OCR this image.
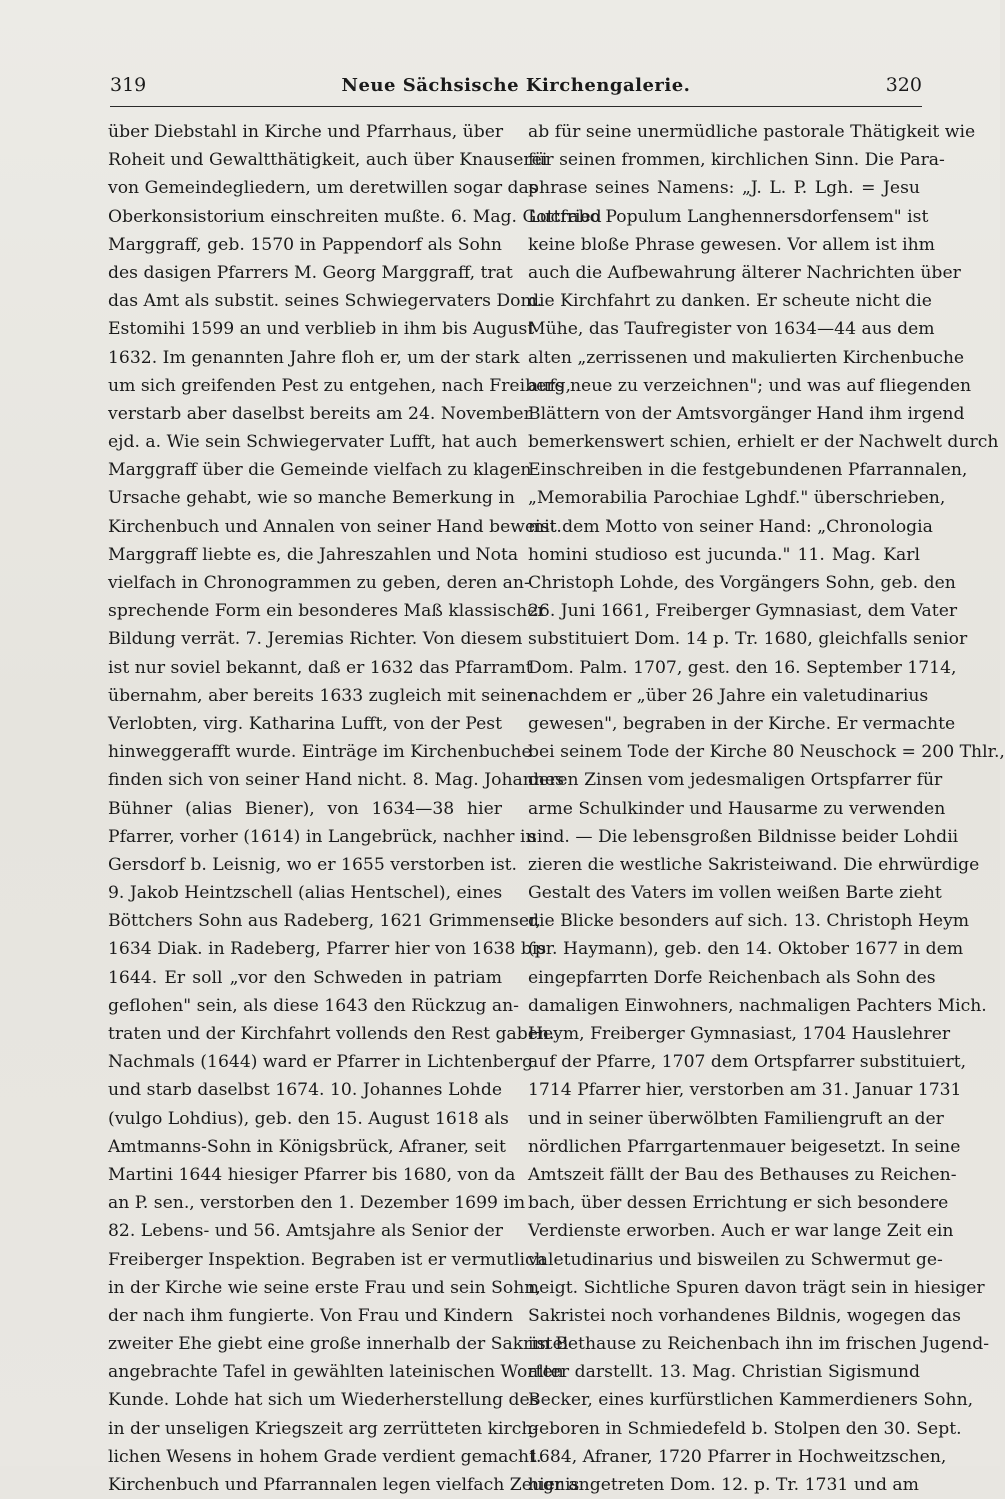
319	Neue Sächsische Kirchengalerie.	320
über Diebstahl in Kirche und Pfarrhaus, über
Roheit und Gewaltthätigkeit, auch über Knauserei
von Gemeindegliedern, um deretwillen sogar das
Oberkonsistorium einschreiten mußte. 6. Mag. Gottfried
Marggraff, geb. 1570 in Pappendorf als Sohn
des dasigen Pfarrers M. Georg Marggraff, trat
das Amt als substit. seines Schwiegervaters Dom.
Estomihi 1599 an und verblieb in ihm bis August
1632. Im genannten Jahre floh er, um der stark
um sich greifenden Pest zu entgehen, nach Freiberg,
verstarb aber daselbst bereits am 24. November
ejd. a. Wie sein Schwiegervater Lufft, hat auch
Marggraff über die Gemeinde vielfach zu klagen
Ursache gehabt, wie so manche Bemerkung in
Kirchenbuch und Annalen von seiner Hand beweist.
Marggraff liebte es, die Jahreszahlen und Nota
vielfach in Chronogrammen zu geben, deren an-
sprechende Form ein besonderes Maß klassischer
Bildung verrät. 7. Jeremias Richter. Von diesem
ist nur soviel bekannt, daß er 1632 das Pfarramt
übernahm, aber bereits 1633 zugleich mit seiner
Verlobten, virg. Katharina Lufft, von der Pest
hinweggerafft wurde. Einträge im Kirchenbuche
finden sich von seiner Hand nicht. 8. Mag. Johannes
Bühner (alias Biener), von 1634—38 hier
Pfarrer, vorher (1614) in Langebrück, nachher in
Gersdorf b. Leisnig, wo er 1655 verstorben ist.
9. Jakob Heintzschell (alias Hentschel), eines
Böttchers Sohn aus Radeberg, 1621 Grimmenser,
1634 Diak. in Radeberg, Pfarrer hier von 1638 bis
1644. Er soll „vor den Schweden in patriam
geflohen" sein, als diese 1643 den Rückzug an-
traten und der Kirchfahrt vollends den Rest gaben.
Nachmals (1644) ward er Pfarrer in Lichtenberg
und starb daselbst 1674. 10. Johannes Lohde
(vulgo Lohdius), geb. den 15. August 1618 als
Amtmanns-Sohn in Königsbrück, Afraner, seit
Martini 1644 hiesiger Pfarrer bis 1680, von da
an P. sen., verstorben den 1. Dezember 1699 im
82. Lebens- und 56. Amtsjahre als Senior der
Freiberger Inspektion. Begraben ist er vermutlich
in der Kirche wie seine erste Frau und sein Sohn,
der nach ihm fungierte. Von Frau und Kindern
zweiter Ehe giebt eine große innerhalb der Sakristei
angebrachte Tafel in gewählten lateinischen Worten
Kunde. Lohde hat sich um Wiederherstellung des
in der unseligen Kriegszeit arg zerrütteten kirch-
lichen Wesens in hohem Grade verdient gemacht.
Kirchenbuch und Pfarrannalen legen vielfach Zeugnis
ab für seine unermüdliche pastorale Thätigkeit wie
für seinen frommen, kirchlichen Sinn. Die Para-
phrase seines Namens: „J. L. P. Lgh. = Jesu
Lucrabo Populum Langhennersdorfensem" ist
keine bloße Phrase gewesen. Vor allem ist ihm
auch die Aufbewahrung älterer Nachrichten über
die Kirchfahrt zu danken. Er scheute nicht die
Mühe, das Taufregister von 1634—44 aus dem
alten „zerrissenen und makulierten Kirchenbuche
aufs neue zu verzeichnen"; und was auf fliegenden
Blättern von der Amtsvorgänger Hand ihm irgend
bemerkenswert schien, erhielt er der Nachwelt durch
Einschreiben in die festgebundenen Pfarrannalen,
„Memorabilia Parochiae Lghdf." überschrieben,
mit dem Motto von seiner Hand: „Chronologia
homini studioso est jucunda." 11. Mag. Karl
Christoph Lohde, des Vorgängers Sohn, geb. den
26. Juni 1661, Freiberger Gymnasiast, dem Vater
substituiert Dom. 14 p. Tr. 1680, gleichfalls senior
Dom. Palm. 1707, gest. den 16. September 1714,
nachdem er „über 26 Jahre ein valetudinarius
gewesen", begraben in der Kirche. Er vermachte
bei seinem Tode der Kirche 80 Neuschock = 200 Thlr.,
deren Zinsen vom jedesmaligen Ortspfarrer für
arme Schulkinder und Hausarme zu verwenden
sind. — Die lebensgroßen Bildnisse beider Lohdii
zieren die westliche Sakristeiwand. Die ehrwürdige
Gestalt des Vaters im vollen weißen Barte zieht
die Blicke besonders auf sich. 13. Christoph Heym
(pr. Haymann), geb. den 14. Oktober 1677 in dem
eingepfarrten Dorfe Reichenbach als Sohn des
damaligen Einwohners, nachmaligen Pachters Mich.
Heym, Freiberger Gymnasiast, 1704 Hauslehrer
auf der Pfarre, 1707 dem Ortspfarrer substituiert,
1714 Pfarrer hier, verstorben am 31. Januar 1731
und in seiner überwölbten Familiengruft an der
nördlichen Pfarrgartenmauer beigesetzt. In seine
Amtszeit fällt der Bau des Bethauses zu Reichen-
bach, über dessen Errichtung er sich besondere
Verdienste erworben. Auch er war lange Zeit ein
valetudinarius und bisweilen zu Schwermut ge-
neigt. Sichtliche Spuren davon trägt sein in hiesiger
Sakristei noch vorhandenes Bildnis, wogegen das
im Bethause zu Reichenbach ihn im frischen Jugend-
alter darstellt. 13. Mag. Christian Sigismund
Becker, eines kurfürstlichen Kammerdieners Sohn,
geboren in Schmiedefeld b. Stolpen den 30. Sept.
1684, Afraner, 1720 Pfarrer in Hochweitzschen,
hier angetreten Dom. 12. p. Tr. 1731 und am
